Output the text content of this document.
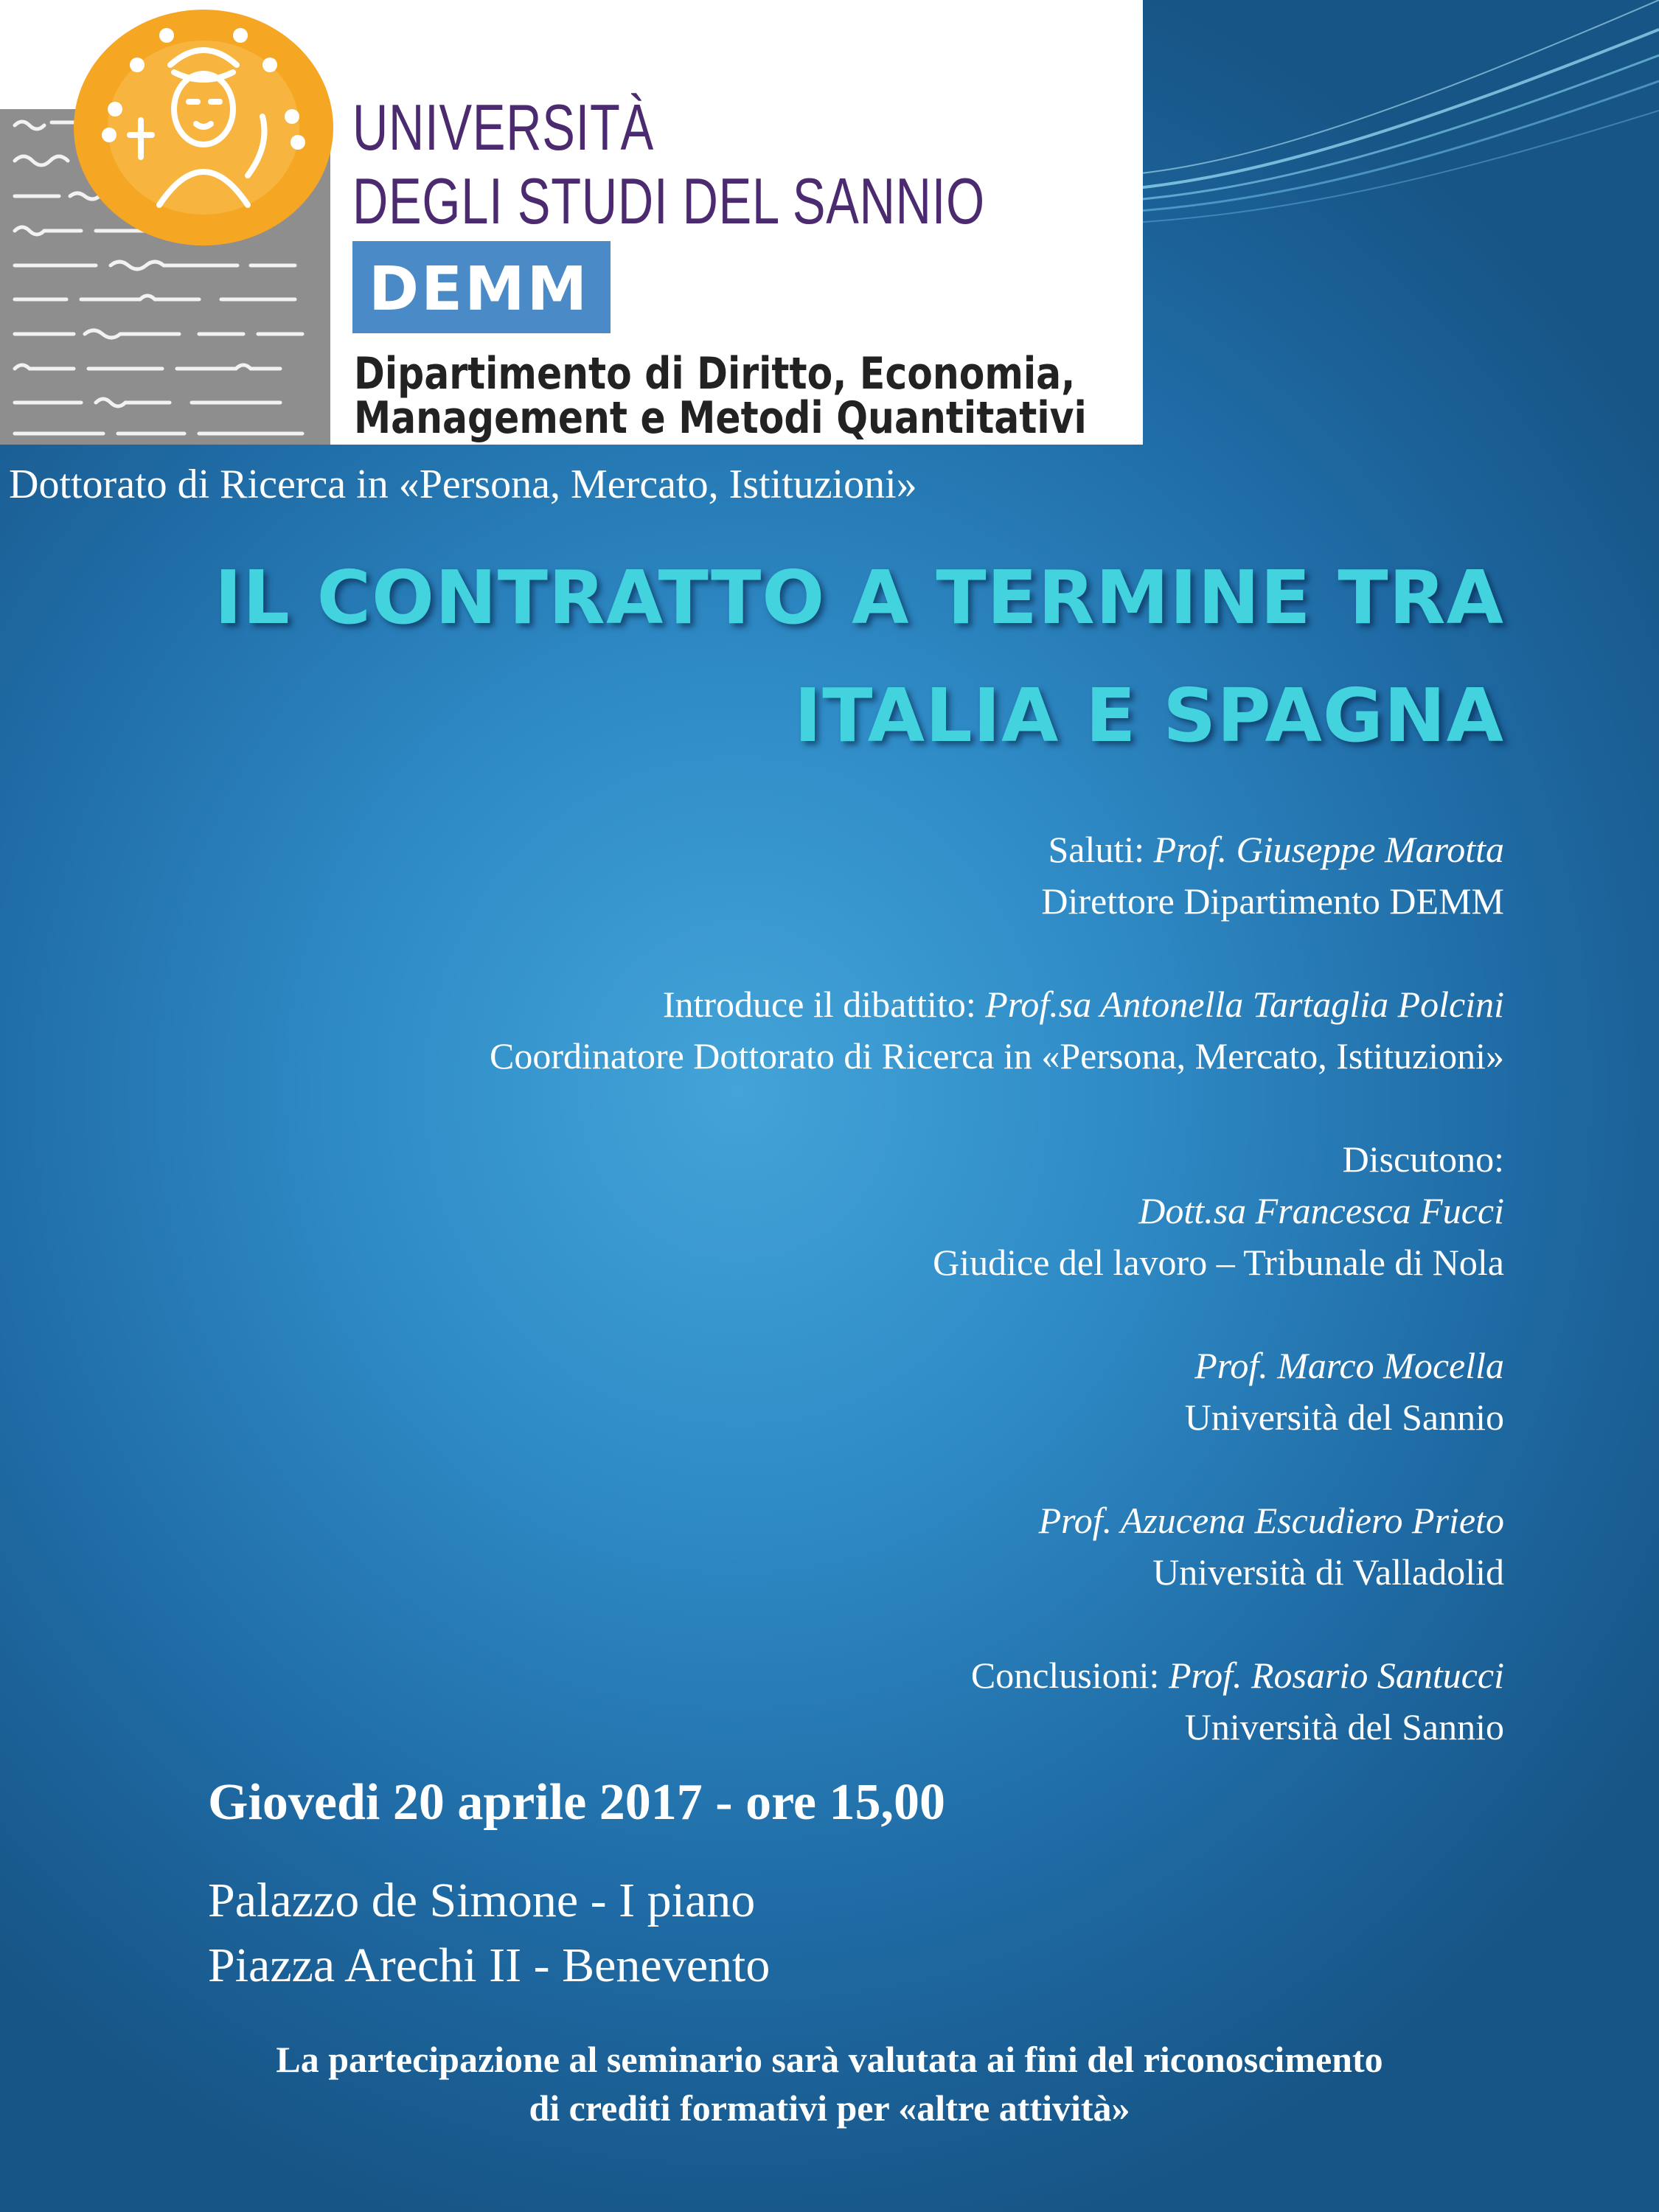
UNIVERSITÀ
DEGLI STUDI DEL SANNIO
DEMM
Dipartimento di Diritto, Economia,
Management e Metodi Quantitativi
Dottorato di Ricerca in «Persona, Mercato, Istituzioni»
IL CONTRATTO A TERMINE TRA
ITALIA E SPAGNA
Saluti: Prof. Giuseppe Marotta
Direttore Dipartimento DEMM
Introduce il dibattito: Prof.sa Antonella Tartaglia Polcini
Coordinatore Dottorato di Ricerca in «Persona, Mercato, Istituzioni»
Discutono:
Dott.sa Francesca Fucci
Giudice del lavoro – Tribunale di Nola
Prof. Marco Mocella
Università del Sannio
Prof. Azucena Escudiero Prieto
Università di Valladolid
Conclusioni: Prof. Rosario Santucci
Università del Sannio
Giovedi 20 aprile 2017 - ore 15,00
Palazzo de Simone - I piano
Piazza Arechi II - Benevento
La partecipazione al seminario sarà valutata ai fini del riconoscimento
di crediti formativi per «altre attività»
